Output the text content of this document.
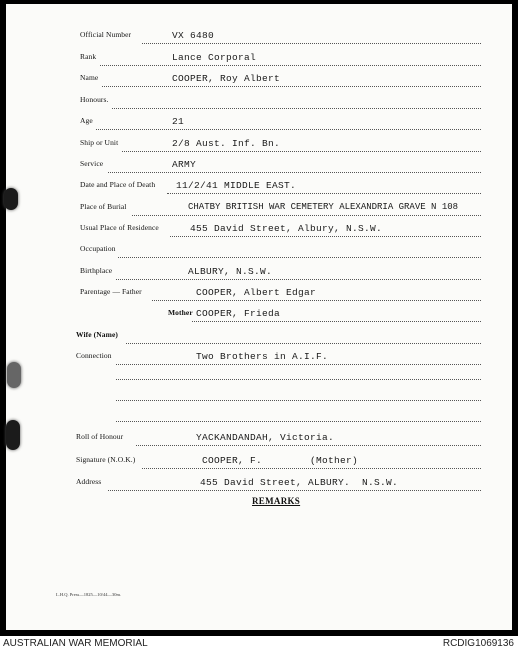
Official Number	VX 6480
Rank	Lance Corporal
Name	COOPER, Roy Albert
Honours.
Age	21
Ship or Unit	2/8 Aust. Inf. Bn.
Service	ARMY
Date and Place of Death 11/2/41 MIDDLE EAST.
Place of Burial	CHATBY BRITISH WAR CEMETERY ALEXANDRIA GRAVE N 108
Usual Place of Residence	455 David Street, Albury, N.S.W.
Occupation
Birthplace	ALBURY, N.S.W.
Parentage — Father	COOPER, Albert Edgar
Mother COOPER, Frieda
Wife (Name)
Connection	Two Brothers in A.I.F.
Roll of Honour	YACKANDANDAH, Victoria.
Signature (N.O.K.)	COOPER, F.        (Mother)
Address	455 David Street, ALBURY.  N.S.W.
REMARKS
L.H.Q. Press—1825—10/44—30m.
AUSTRALIAN WAR MEMORIAL	RCDIG1069136
